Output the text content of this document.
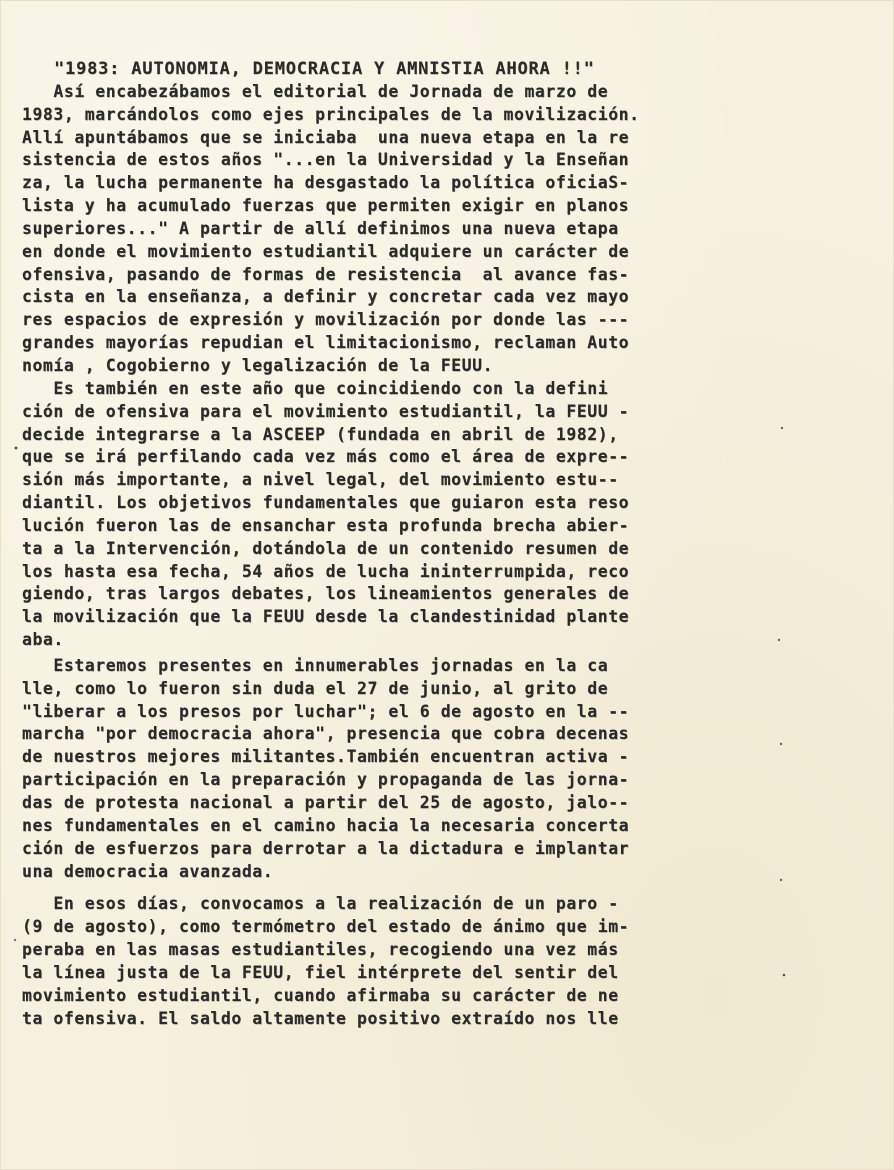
"1983: AUTONOMIA, DEMOCRACIA Y AMNISTIA AHORA !!"
Así encabezábamos el editorial de Jornada de marzo de
1983, marcándolos como ejes principales de la movilización.
Allí apuntábamos que se iniciaba  una nueva etapa en la re
sistencia de estos años "...en la Universidad y la Enseñan
za, la lucha permanente ha desgastado la política oficiaS-
lista y ha acumulado fuerzas que permiten exigir en planos
superiores..." A partir de allí definimos una nueva etapa
en donde el movimiento estudiantil adquiere un carácter de
ofensiva, pasando de formas de resistencia  al avance fas-
cista en la enseñanza, a definir y concretar cada vez mayo
res espacios de expresión y movilización por donde las ---
grandes mayorías repudian el limitacionismo, reclaman Auto
nomía , Cogobierno y legalización de la FEUU.
Es también en este año que coincidiendo con la defini
ción de ofensiva para el movimiento estudiantil, la FEUU -
decide integrarse a la ASCEEP (fundada en abril de 1982),
que se irá perfilando cada vez más como el área de expre--
sión más importante, a nivel legal, del movimiento estu--
diantil. Los objetivos fundamentales que guiaron esta reso
lución fueron las de ensanchar esta profunda brecha abier-
ta a la Intervención, dotándola de un contenido resumen de
los hasta esa fecha, 54 años de lucha ininterrumpida, reco
giendo, tras largos debates, los lineamientos generales de
la movilización que la FEUU desde la clandestinidad plante
aba.
Estaremos presentes en innumerables jornadas en la ca
lle, como lo fueron sin duda el 27 de junio, al grito de
"liberar a los presos por luchar"; el 6 de agosto en la --
marcha "por democracia ahora", presencia que cobra decenas
de nuestros mejores militantes.También encuentran activa -
participación en la preparación y propaganda de las jorna-
das de protesta nacional a partir del 25 de agosto, jalo--
nes fundamentales en el camino hacia la necesaria concerta
ción de esfuerzos para derrotar a la dictadura e implantar
una democracia avanzada.
En esos días, convocamos a la realización de un paro -
(9 de agosto), como termómetro del estado de ánimo que im-
peraba en las masas estudiantiles, recogiendo una vez más
la línea justa de la FEUU, fiel intérprete del sentir del
movimiento estudiantil, cuando afirmaba su carácter de ne
ta ofensiva. El saldo altamente positivo extraído nos lle
